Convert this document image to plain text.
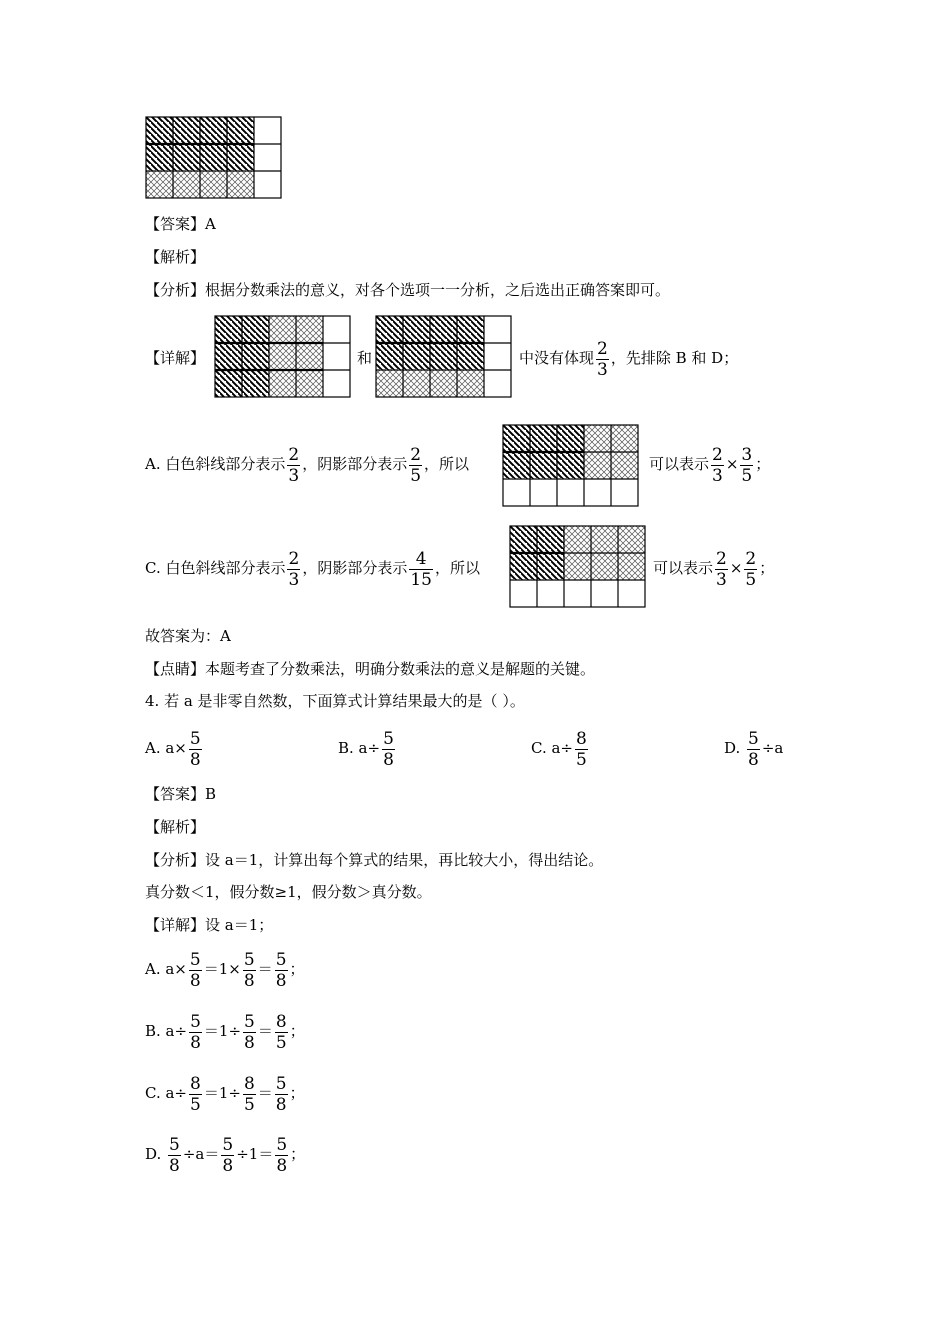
【答案】A
【解析】
【分析】根据分数乘法的意义，对各个选项一一分析，之后选出正确答案即可。
【详解】	和	中没有体现 $\frac{2}{3}$ ，先排除 B 和 D；
A. 白色斜线部分表示 $\frac{2}{3}$ ，阴影部分表示 $\frac{2}{5}$ ，所以	可以表示 $\frac{2}{3} \times \frac{3}{5}$ ；
C. 白色斜线部分表示 $\frac{2}{3}$ ，阴影部分表示 $\frac{4}{15}$ ，所以	可以表示 $\frac{2}{3} \times \frac{2}{5}$ ；
故答案为：A
【点睛】本题考查了分数乘法，明确分数乘法的意义是解题的关键。
4. 若 a 是非零自然数，下面算式计算结果最大的是（ ）。
A. $a\times \frac{5}{8}$	B. $a\div \frac{5}{8}$	C. $a\div \frac{8}{5}$	D. $\frac{5}{8} \div a$
【答案】B
【解析】
【分析】设 a＝1，计算出每个算式的结果，再比较大小，得出结论。
真分数＜1，假分数≥1，假分数＞真分数。
【详解】设 a＝1；
A. $a\times \frac{5}{8} =1\times \frac{5}{8} = \frac{5}{8}$ ；
B. $a\div \frac{5}{8} =1\div \frac{5}{8} = \frac{8}{5}$ ；
C. $a\div \frac{8}{5} =1\div \frac{8}{5} = \frac{5}{8}$ ；
D. $\frac{5}{8} \div a= \frac{5}{8} \div 1= \frac{5}{8}$ ；
